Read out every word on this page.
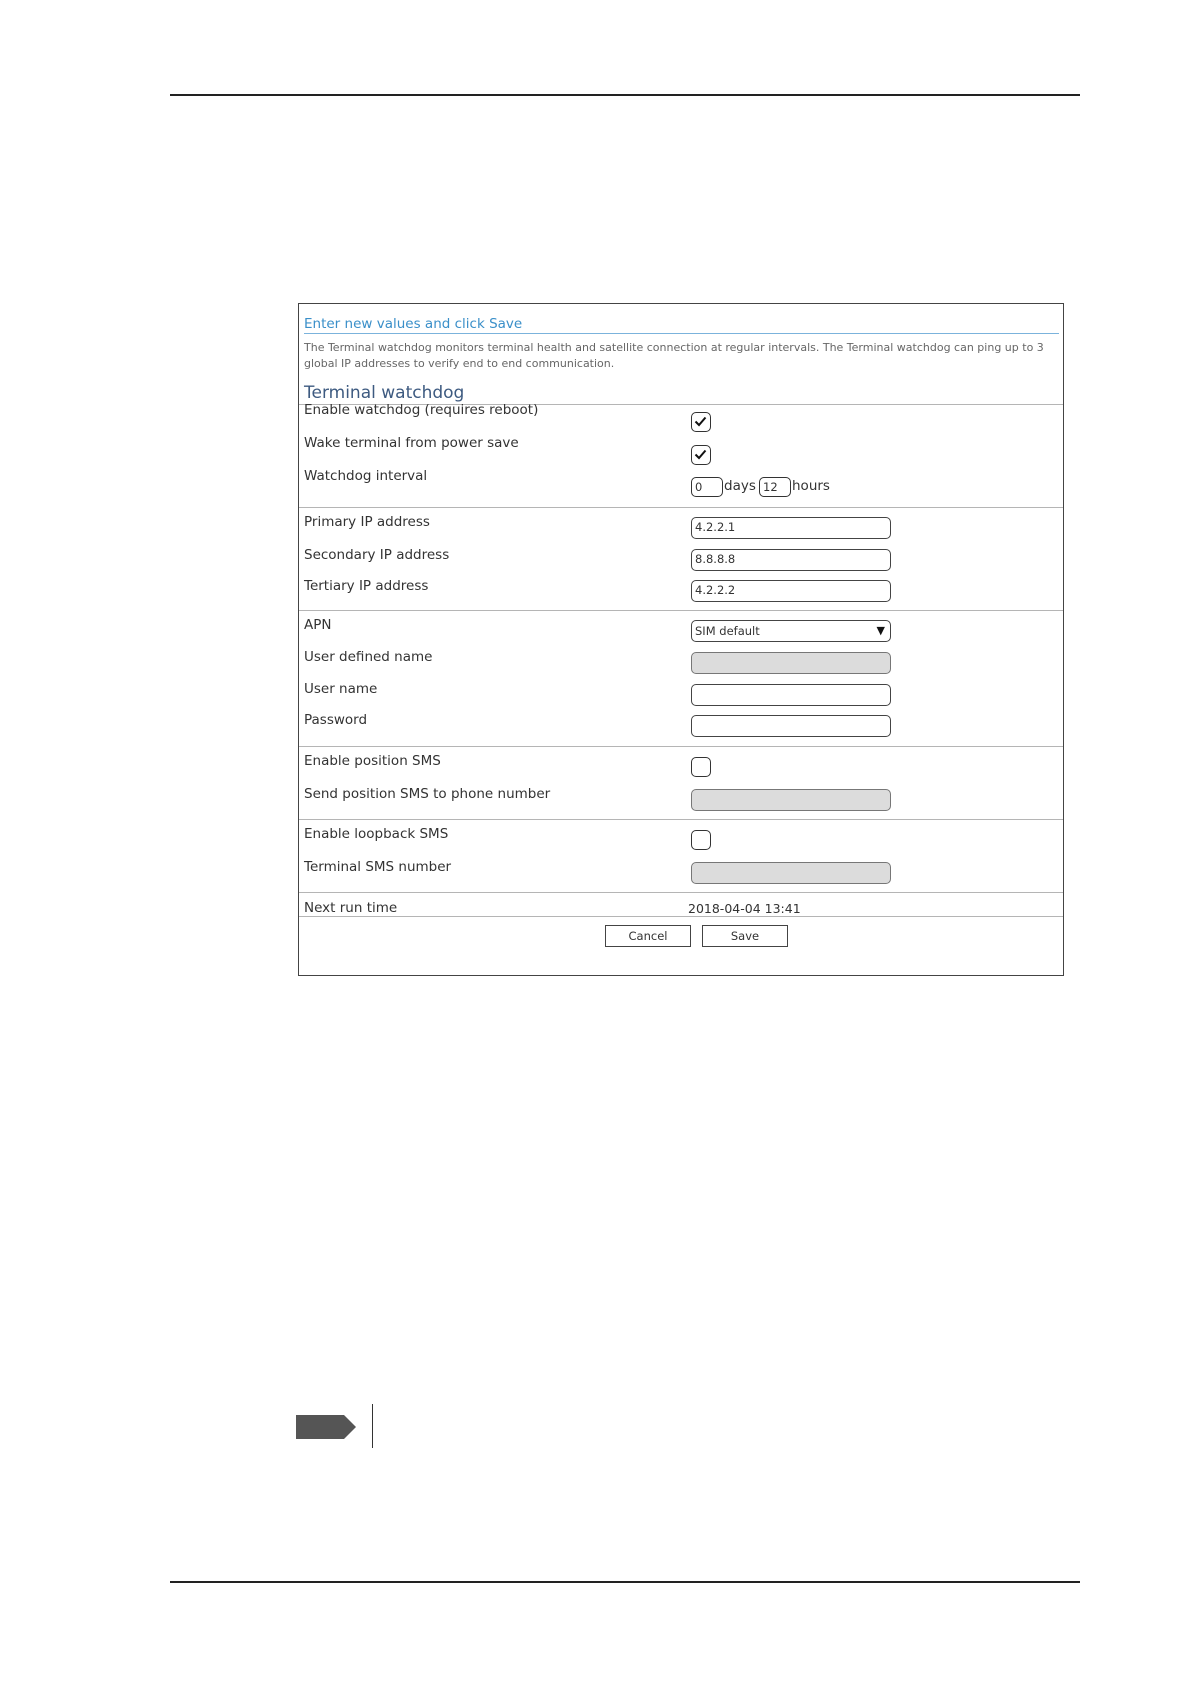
Enter new values and click Save
The Terminal watchdog monitors terminal health and satellite connection at regular intervals. The Terminal watchdog can ping up to 3 global IP addresses to verify end to end communication.
Terminal watchdog
Enable watchdog (requires reboot)
Wake terminal from power save
Watchdog interval
0	days 12	hours
Primary IP address	4.2.2.1
Secondary IP address	8.8.8.8
Tertiary IP address	4.2.2.2
APN	SIM default	▼
User defined name
User name
Password
Enable position SMS
Send position SMS to phone number
Enable loopback SMS
Terminal SMS number
Next run time	2018-04-04 13:41
Cancel	Save
